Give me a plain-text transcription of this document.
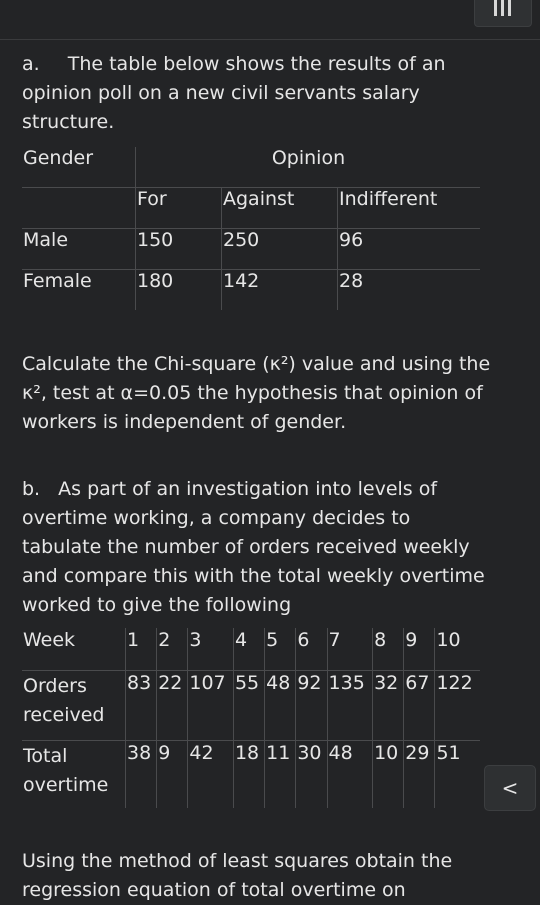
a. The table below shows the results of an opinion poll on a new civil servants salary structure.
Gender	Opinion		
	For	Against	Indifferent
Male	150	250	96
Female	180	142	28
Calculate the Chi-square (κ²) value and using the κ², test at α=0.05 the hypothesis that opinion of workers is independent of gender.
b. As part of an investigation into levels of overtime working, a company decides to tabulate the number of orders received weekly and compare this with the total weekly overtime worked to give the following
Week	1	2	3	4	5	6	7	8	9	10
Orders received	83	22	107	55	48	92	135	32	67	122
Total overtime	38	9	42	18	11	30	48	10	29	51
<
Using the method of least squares obtain the regression equation of total overtime on
